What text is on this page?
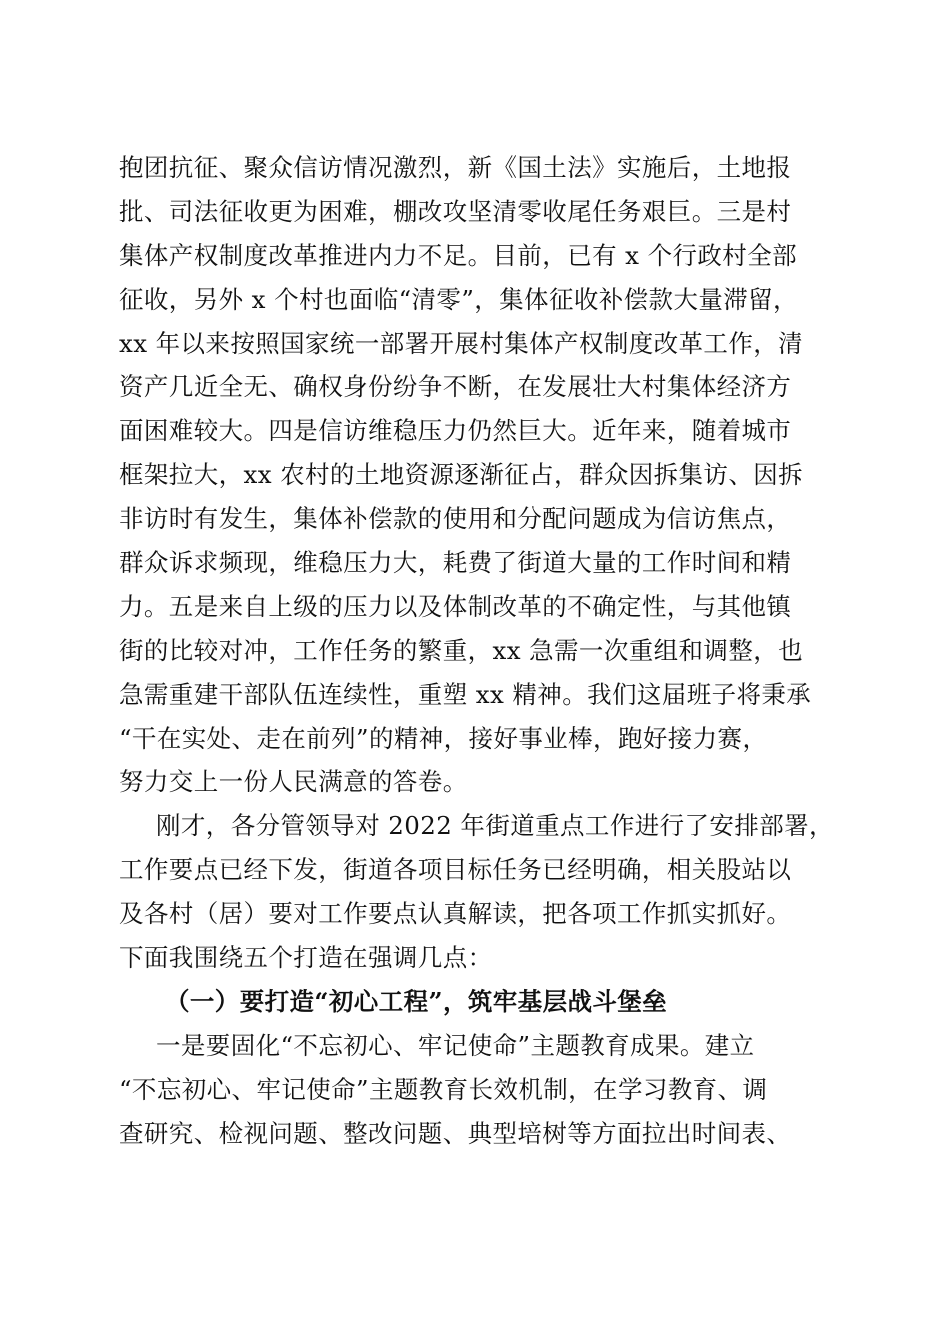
抱团抗征、聚众信访情况激烈，新《国土法》实施后，土地报
批、司法征收更为困难，棚改攻坚清零收尾任务艰巨。三是村
集体产权制度改革推进内力不足。目前，已有 x 个行政村全部
征收，另外 x 个村也面临“清零”，集体征收补偿款大量滞留，
xx 年以来按照国家统一部署开展村集体产权制度改革工作，清
资产几近全无、确权身份纷争不断，在发展壮大村集体经济方
面困难较大。四是信访维稳压力仍然巨大。近年来，随着城市
框架拉大，xx 农村的土地资源逐渐征占，群众因拆集访、因拆
非访时有发生，集体补偿款的使用和分配问题成为信访焦点，
群众诉求频现，维稳压力大，耗费了街道大量的工作时间和精
力。五是来自上级的压力以及体制改革的不确定性，与其他镇
街的比较对冲，工作任务的繁重，xx 急需一次重组和调整，也
急需重建干部队伍连续性，重塑 xx 精神。我们这届班子将秉承
“干在实处、走在前列”的精神，接好事业棒，跑好接力赛，
努力交上一份人民满意的答卷。
刚才，各分管领导对 2022 年街道重点工作进行了安排部署，
工作要点已经下发，街道各项目标任务已经明确，相关股站以
及各村（居）要对工作要点认真解读，把各项工作抓实抓好。
下面我围绕五个打造在强调几点：
（一）要打造“初心工程”，筑牢基层战斗堡垒
一是要固化“不忘初心、牢记使命”主题教育成果。建立
“不忘初心、牢记使命”主题教育长效机制，在学习教育、调
查研究、检视问题、整改问题、典型培树等方面拉出时间表、
